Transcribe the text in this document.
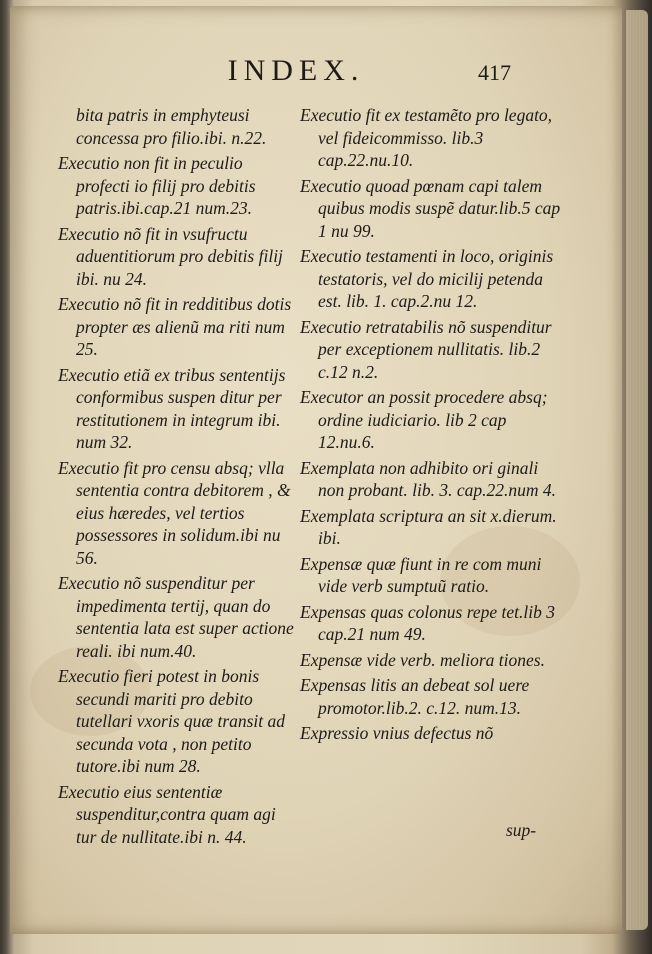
INDEX.	417
bita patris in emphyteusi concessa pro filio.ibi. n.22.
Executio non fit in peculio profecti io filij pro debitis patris.ibi.cap.21 num.23.
Executio nõ fit in vsufructu aduentitiorum pro debitis filij ibi. nu 24.
Executio nõ fit in redditibus dotis propter æs alienũ ma riti num 25.
Executio etiã ex tribus sententijs conformibus suspen ditur per restitutionem in integrum ibi. num 32.
Executio fit pro censu absq; vlla sententia contra debitorem , & eius hæredes, vel tertios possessores in solidum.ibi nu 56.
Executio nõ suspenditur per impedimenta tertij, quan do sententia lata est super actione reali. ibi num.40.
Executio fieri potest in bonis secundi mariti pro debito tutellari vxoris quæ transit ad secunda vota , non petito tutore.ibi num 28.
Executio eius sententiæ suspenditur,contra quam agi tur de nullitate.ibi n. 44.
Executio fit ex testamẽto pro legato, vel fideicommisso. lib.3 cap.22.nu.10.
Executio quoad pœnam capi talem quibus modis suspẽ datur.lib.5 cap 1 nu 99.
Executio testamenti in loco, originis testatoris, vel do micilij petenda est. lib. 1. cap.2.nu 12.
Executio retratabilis nõ suspenditur per exceptionem nullitatis. lib.2 c.12 n.2.
Executor an possit procedere absq; ordine iudiciario. lib 2 cap 12.nu.6.
Exemplata non adhibito ori ginali non probant. lib. 3. cap.22.num 4.
Exemplata scriptura an sit x.dierum. ibi.
Expensæ quæ fiunt in re com muni vide verb sumptuũ ratio.
Expensas quas colonus repe tet.lib 3 cap.21 num 49.
Expensæ vide verb. meliora tiones.
Expensas litis an debeat sol uere promotor.lib.2. c.12. num.13.
Expressio vnius defectus nõ
sup-
